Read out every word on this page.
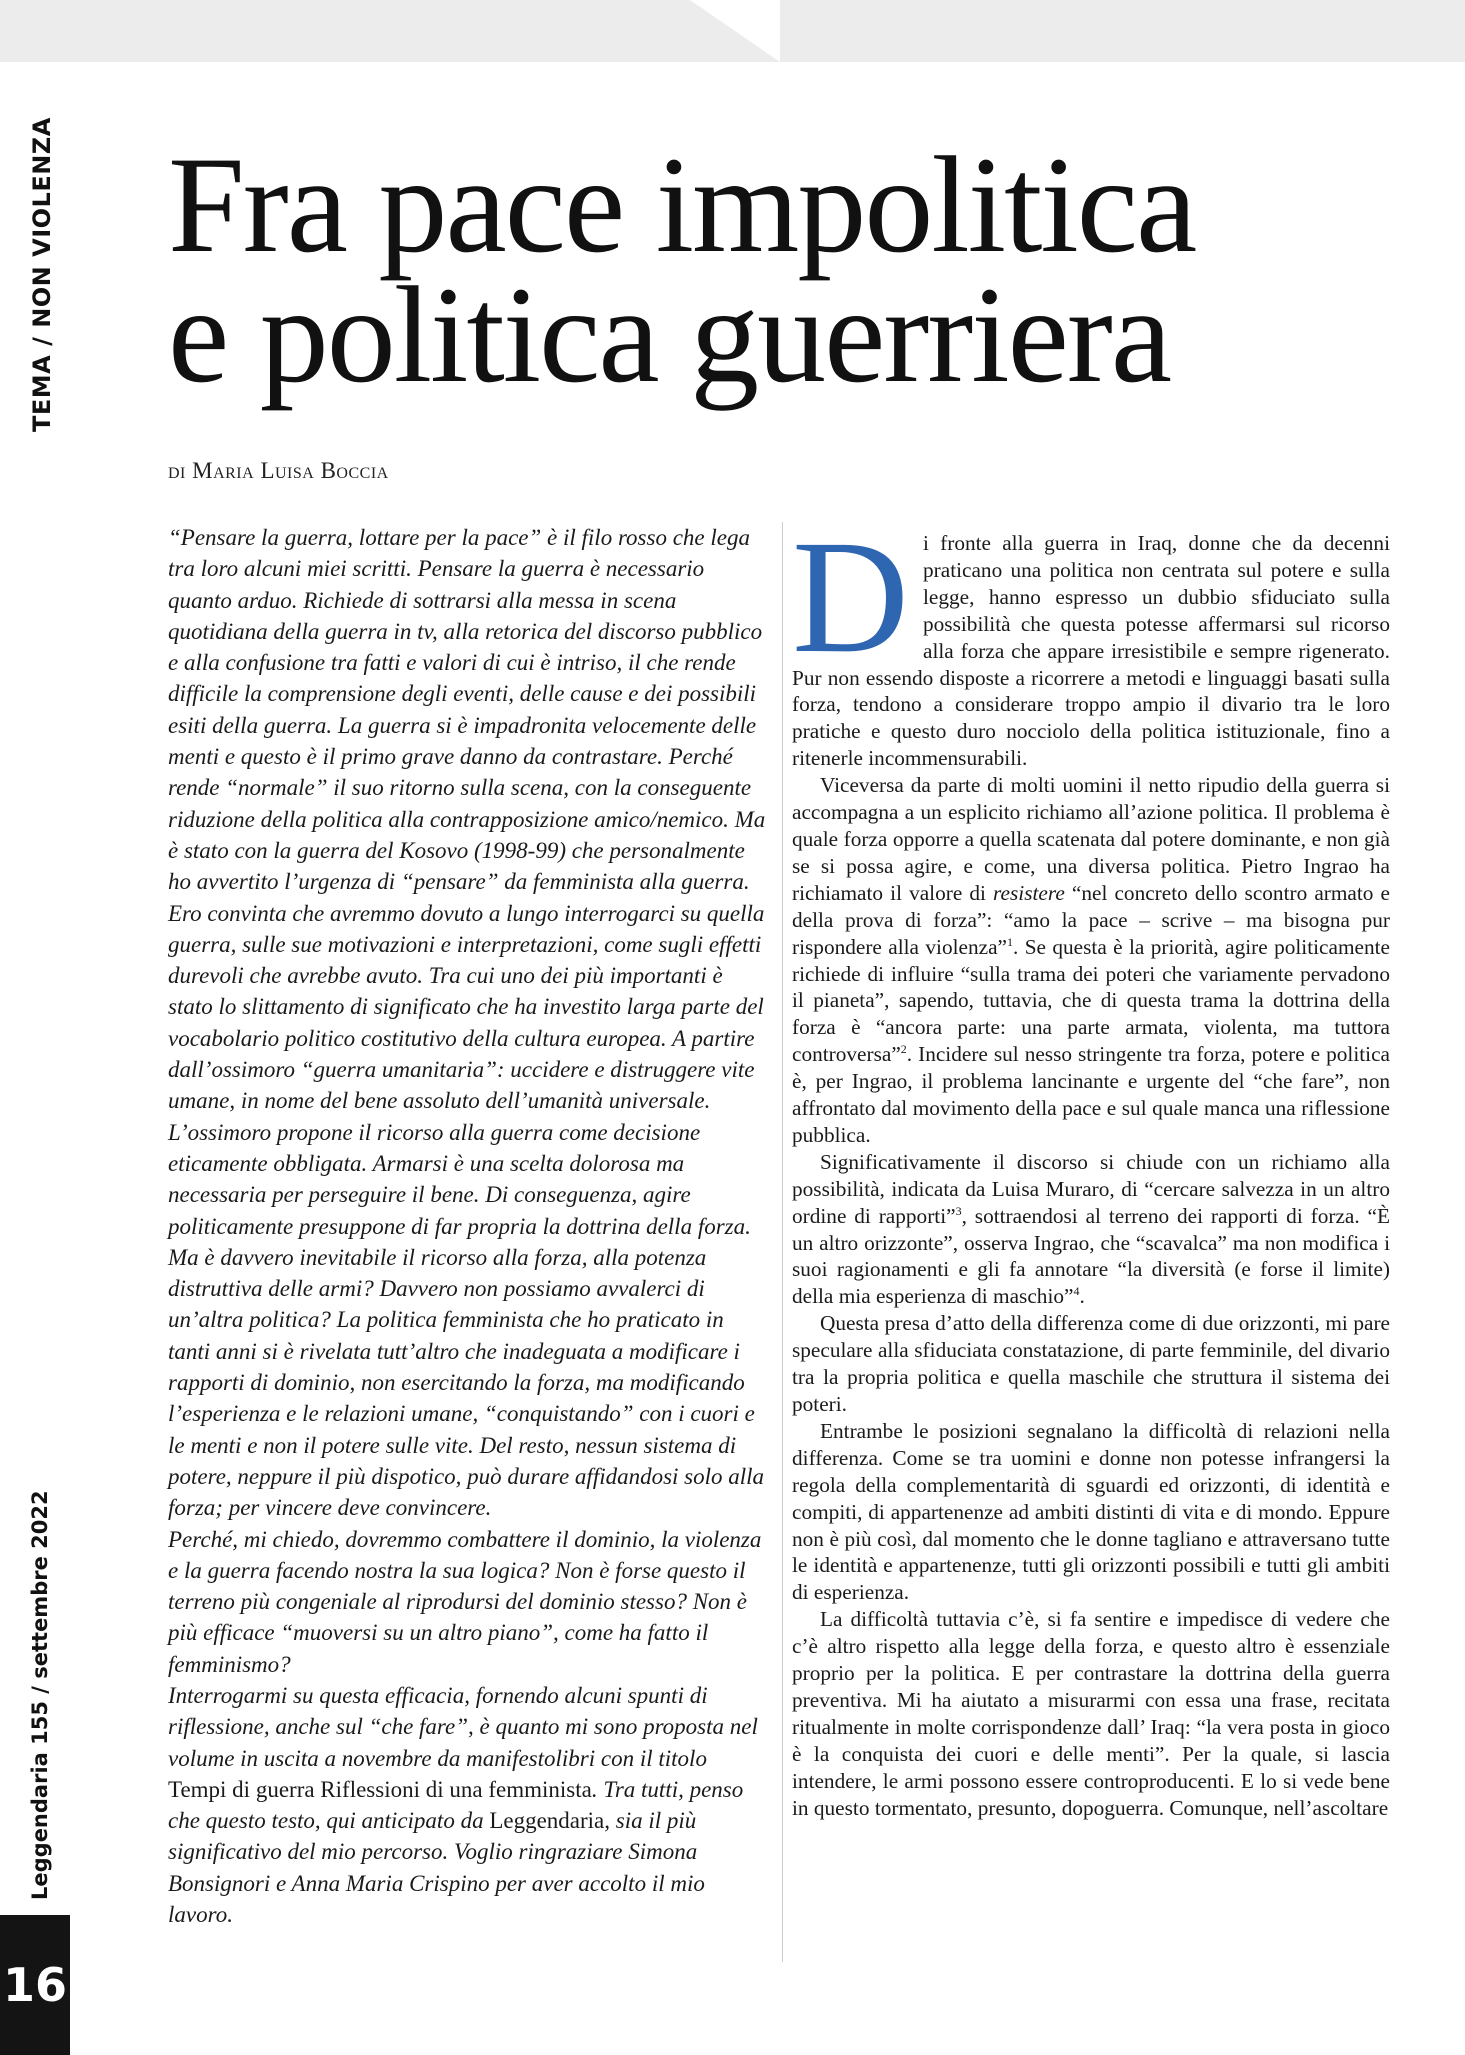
TEMA / NON VIOLENZA
Leggendaria 155 / settembre 2022
16
Fra pace impolitica
e politica guerriera
di Maria Luisa Boccia

“Pensare la guerra, lottare per la pace” è il filo rosso che lega tra loro alcuni miei scritti. Pensare la guerra è necessario quanto arduo. Richiede di sottrarsi alla messa in scena quotidiana della guerra in tv, alla retorica del discorso pubblico e alla confusione tra fatti e valori di cui è intriso, il che rende difficile la comprensione degli eventi, delle cause e dei possibili esiti della guerra. La guerra si è impadronita velocemente delle menti e questo è il primo grave danno da contrastare. Perché rende “normale” il suo ritorno sulla scena, con la conseguente riduzione della politica alla contrapposizione amico/nemico. Ma è stato con la guerra del Kosovo (1998-99) che personalmente ho avvertito l’urgenza di “pensare” da femminista alla guerra. Ero convinta che avremmo dovuto a lungo interrogarci su quella guerra, sulle sue motivazioni e interpretazioni, come sugli effetti durevoli che avrebbe avuto. Tra cui uno dei più importanti è stato lo slittamento di significato che ha investito larga parte del vocabolario politico costitutivo della cultura europea. A partire dall’ossimoro “guerra umanitaria”: uccidere e distruggere vite umane, in nome del bene assoluto dell’umanità universale. L’ossimoro propone il ricorso alla guerra come decisione eticamente obbligata. Armarsi è una scelta dolorosa ma necessaria per perseguire il bene. Di conseguenza, agire politicamente presuppone di far propria la dottrina della forza. Ma è davvero inevitabile il ricorso alla forza, alla potenza distruttiva delle armi? Davvero non possiamo avvalerci di un’altra politica? La politica femminista che ho praticato in tanti anni si è rivelata tutt’altro che inadeguata a modificare i rapporti di dominio, non esercitando la forza, ma modificando l’esperienza e le relazioni umane, “conquistando” con i cuori e le menti e non il potere sulle vite. Del resto, nessun sistema di potere, neppure il più dispotico, può durare affidandosi solo alla forza; per vincere deve convincere.

Perché, mi chiedo, dovremmo combattere il dominio, la violenza e la guerra facendo nostra la sua logica? Non è forse questo il terreno più congeniale al riprodursi del dominio stesso? Non è più efficace “muoversi su un altro piano”, come ha fatto il femminismo?

Interrogarmi su questa efficacia, fornendo alcuni spunti di riflessione, anche sul “che fare”, è quanto mi sono proposta nel volume in uscita a novembre da manifestolibri con il titolo Tempi di guerra Riflessioni di una femminista. Tra tutti, penso che questo testo, qui anticipato da Leggendaria, sia il più significativo del mio percorso. Voglio ringraziare Simona Bonsignori e Anna Maria Crispino per aver accolto il mio lavoro.

Di fronte alla guerra in Iraq, donne che da decenni praticano una politica non centrata sul potere e sulla legge, hanno espresso un dubbio sfiduciato sulla possibilità che questa potesse affermarsi sul ricorso alla forza che appare irresistibile e sempre rigenerato. Pur non essendo disposte a ricorrere a metodi e linguaggi basati sulla forza, tendono a considerare troppo ampio il divario tra le loro pratiche e questo duro nocciolo della politica istituzionale, fino a ritenerle incommensurabili.

Viceversa da parte di molti uomini il netto ripudio della guerra si accompagna a un esplicito richiamo all’azione politica. Il problema è quale forza opporre a quella scatenata dal potere dominante, e non già se si possa agire, e come, una diversa politica. Pietro Ingrao ha richiamato il valore di resistere “nel concreto dello scontro armato e della prova di forza”: “amo la pace – scrive – ma bisogna pur rispondere alla violenza”$^1$. Se questa è la priorità, agire politicamente richiede di influire “sulla trama dei poteri che variamente pervadono il pianeta”, sapendo, tuttavia, che di questa trama la dottrina della forza è “ancora parte: una parte armata, violenta, ma tuttora controversa”$^2$. Incidere sul nesso stringente tra forza, potere e politica è, per Ingrao, il problema lancinante e urgente del “che fare”, non affrontato dal movimento della pace e sul quale manca una riflessione pubblica.

Significativamente il discorso si chiude con un richiamo alla possibilità, indicata da Luisa Muraro, di “cercare salvezza in un altro ordine di rapporti”$^3$, sottraendosi al terreno dei rapporti di forza. “È un altro orizzonte”, osserva Ingrao, che “scavalca” ma non modifica i suoi ragionamenti e gli fa annotare “la diversità (e forse il limite) della mia esperienza di maschio”$^4$.

Questa presa d’atto della differenza come di due orizzonti, mi pare speculare alla sfiduciata constatazione, di parte femminile, del divario tra la propria politica e quella maschile che struttura il sistema dei poteri.

Entrambe le posizioni segnalano la difficoltà di relazioni nella differenza. Come se tra uomini e donne non potesse infrangersi la regola della complementarità di sguardi ed orizzonti, di identità e compiti, di appartenenze ad ambiti distinti di vita e di mondo. Eppure non è più così, dal momento che le donne tagliano e attraversano tutte le identità e appartenenze, tutti gli orizzonti possibili e tutti gli ambiti di esperienza.

La difficoltà tuttavia c’è, si fa sentire e impedisce di vedere che c’è altro rispetto alla legge della forza, e questo altro è essenziale proprio per la politica. E per contrastare la dottrina della guerra preventiva. Mi ha aiutato a misurarmi con essa una frase, recitata ritualmente in molte corrispondenze dall’ Iraq: “la vera posta in gioco è la conquista dei cuori e delle menti”. Per la quale, si lascia intendere, le armi possono essere controproducenti. E lo si vede bene in questo tormentato, presunto, dopoguerra. Comunque, nell’ascoltare
